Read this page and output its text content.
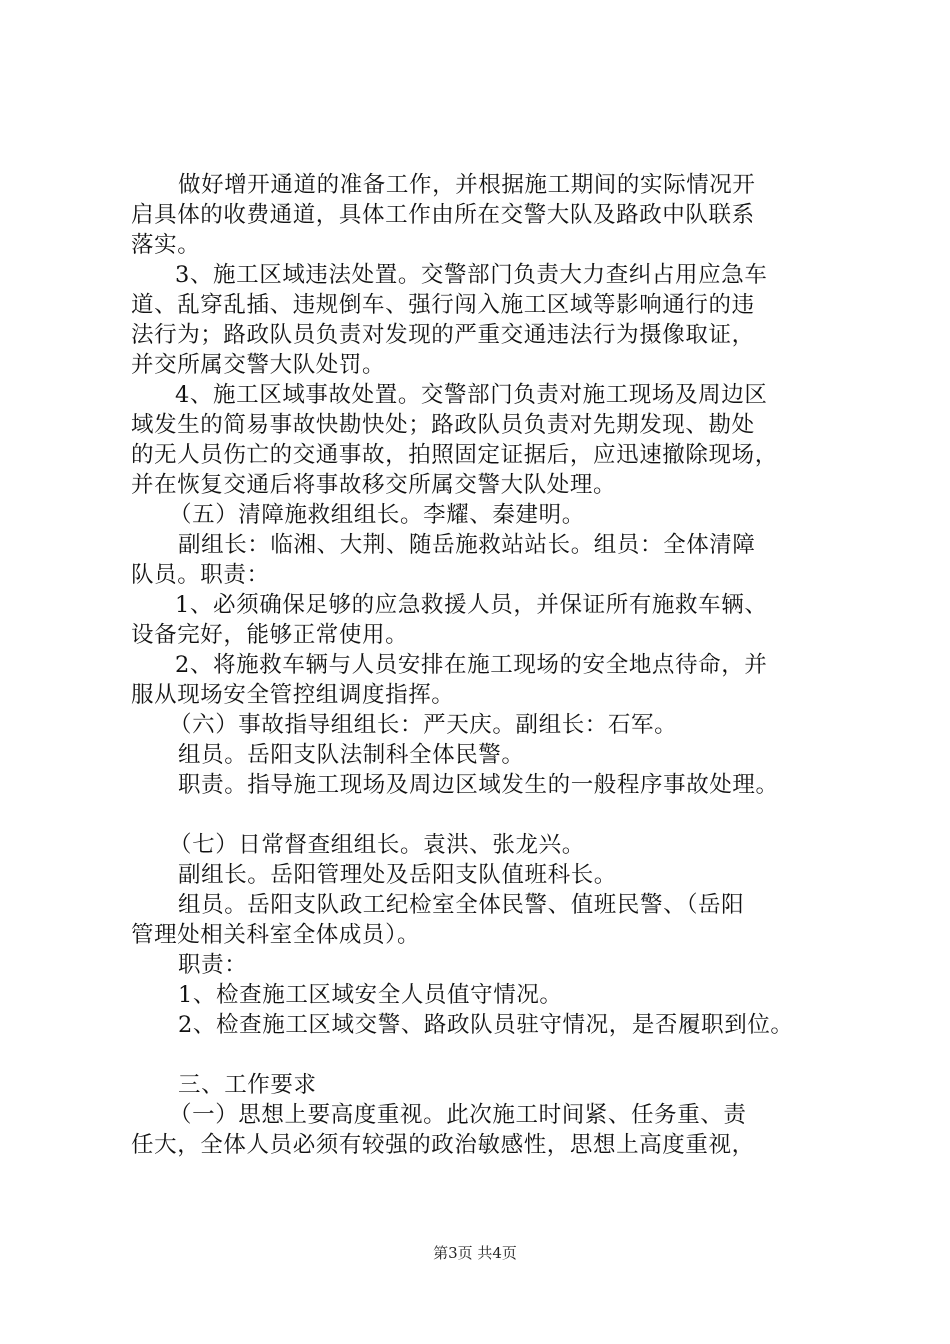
做好增开通道的准备工作，并根据施工期间的实际情况开
启具体的收费通道，具体工作由所在交警大队及路政中队联系
落实。
3、施工区域违法处置。交警部门负责大力查纠占用应急车
道、乱穿乱插、违规倒车、强行闯入施工区域等影响通行的违
法行为；路政队员负责对发现的严重交通违法行为摄像取证，
并交所属交警大队处罚。
4、施工区域事故处置。交警部门负责对施工现场及周边区
域发生的简易事故快勘快处；路政队员负责对先期发现、勘处
的无人员伤亡的交通事故，拍照固定证据后，应迅速撤除现场，
并在恢复交通后将事故移交所属交警大队处理。
（五）清障施救组组长。李耀、秦建明。
副组长：临湘、大荆、随岳施救站站长。组员：全体清障
队员。职责：
1、必须确保足够的应急救援人员，并保证所有施救车辆、
设备完好，能够正常使用。
2、将施救车辆与人员安排在施工现场的安全地点待命，并
服从现场安全管控组调度指挥。
（六）事故指导组组长：严天庆。副组长：石军。
组员。岳阳支队法制科全体民警。
职责。指导施工现场及周边区域发生的一般程序事故处理。
（七）日常督查组组长。袁洪、张龙兴。
副组长。岳阳管理处及岳阳支队值班科长。
组员。岳阳支队政工纪检室全体民警、值班民警、（岳阳
管理处相关科室全体成员）。
职责：
1、检查施工区域安全人员值守情况。
2、检查施工区域交警、路政队员驻守情况，是否履职到位。
三、工作要求
（一）思想上要高度重视。此次施工时间紧、任务重、责
任大，全体人员必须有较强的政治敏感性，思想上高度重视，
第3页 共4页
